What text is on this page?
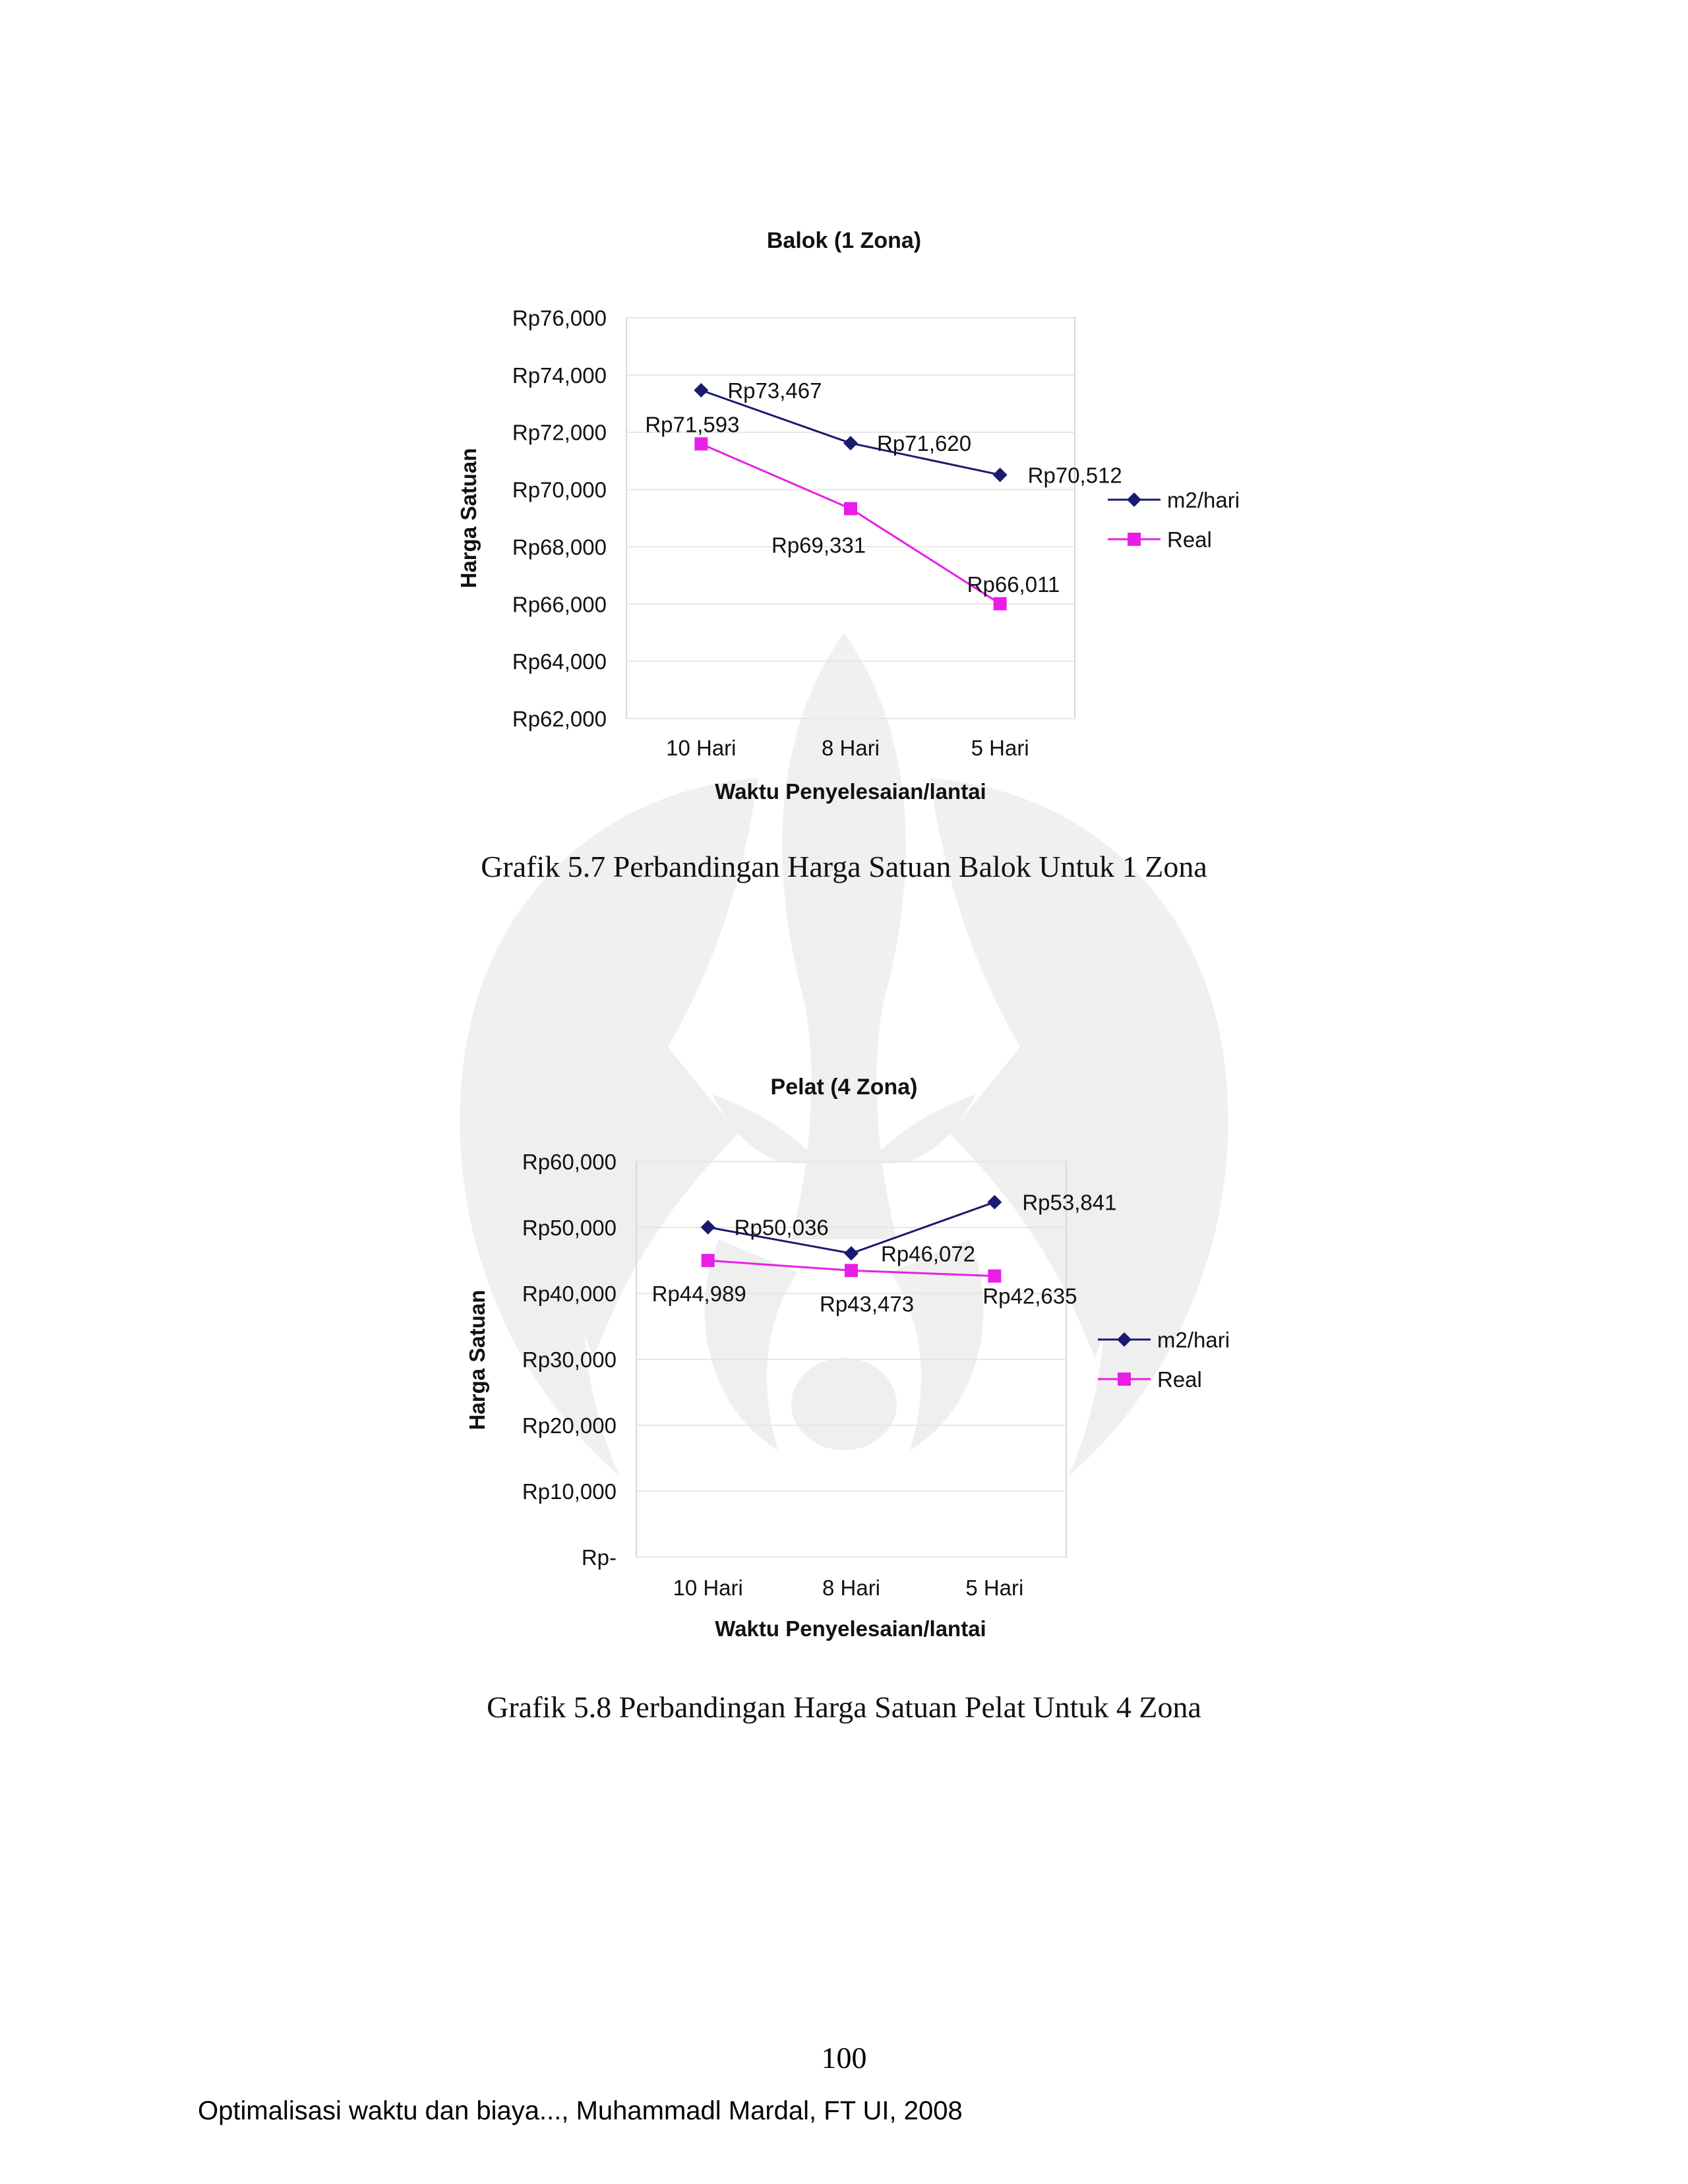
Rp62,000
Rp64,000
Rp66,000
Rp68,000
Rp70,000
Rp72,000
Rp74,000
Rp76,000
10 Hari	8 Hari	5 Hari
Balok (1 Zona)
Waktu Penyelesaian/lantai
Harga Satuan
Rp73,467
Rp71,620
Rp70,512
m2/hari
Rp71,593
Rp69,331
Rp66,011
Real
Grafik 5.7 Perbandingan Harga Satuan Balok Untuk 1 Zona
Rp-
Rp10,000
Rp20,000
Rp30,000
Rp40,000
Rp50,000
Rp60,000
10 Hari	8 Hari	5 Hari
Pelat (4 Zona)
Waktu Penyelesaian/lantai
Harga Satuan
Rp50,036
Rp46,072
Rp53,841
m2/hari
Rp44,989	Rp43,473	Rp42,635
Real
Grafik 5.8 Perbandingan Harga Satuan Pelat Untuk 4 Zona
100
Optimalisasi waktu dan biaya..., Muhammadl Mardal, FT UI, 2008
